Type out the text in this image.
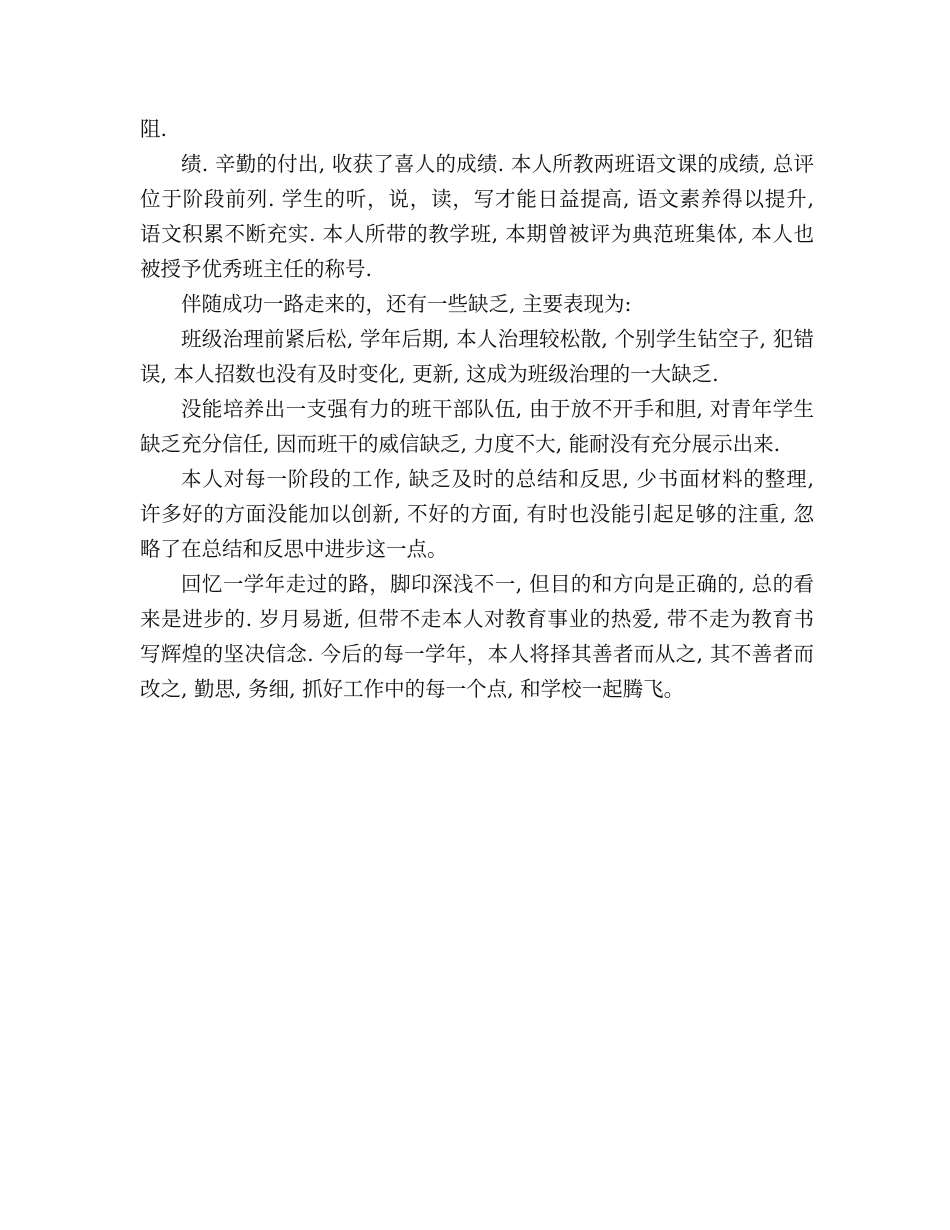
阻.

绩. 辛勤的付出, 收获了喜人的成绩. 本人所教两班语文课的成绩, 总评位于阶段前列. 学生的听，说，读，写才能日益提高, 语文素养得以提升, 语文积累不断充实. 本人所带的教学班, 本期曾被评为典范班集体, 本人也被授予优秀班主任的称号.

伴随成功一路走来的，还有一些缺乏, 主要表现为:

班级治理前紧后松, 学年后期, 本人治理较松散, 个别学生钻空子, 犯错误, 本人招数也没有及时变化, 更新, 这成为班级治理的一大缺乏.

没能培养出一支强有力的班干部队伍, 由于放不开手和胆, 对青年学生缺乏充分信任, 因而班干的威信缺乏, 力度不大, 能耐没有充分展示出来.

本人对每一阶段的工作, 缺乏及时的总结和反思, 少书面材料的整理, 许多好的方面没能加以创新, 不好的方面, 有时也没能引起足够的注重, 忽略了在总结和反思中进步这一点。

回忆一学年走过的路，脚印深浅不一, 但目的和方向是正确的, 总的看来是进步的. 岁月易逝, 但带不走本人对教育事业的热爱, 带不走为教育书写辉煌的坚决信念. 今后的每一学年，本人将择其善者而从之, 其不善者而改之, 勤思, 务细, 抓好工作中的每一个点, 和学校一起腾飞。
